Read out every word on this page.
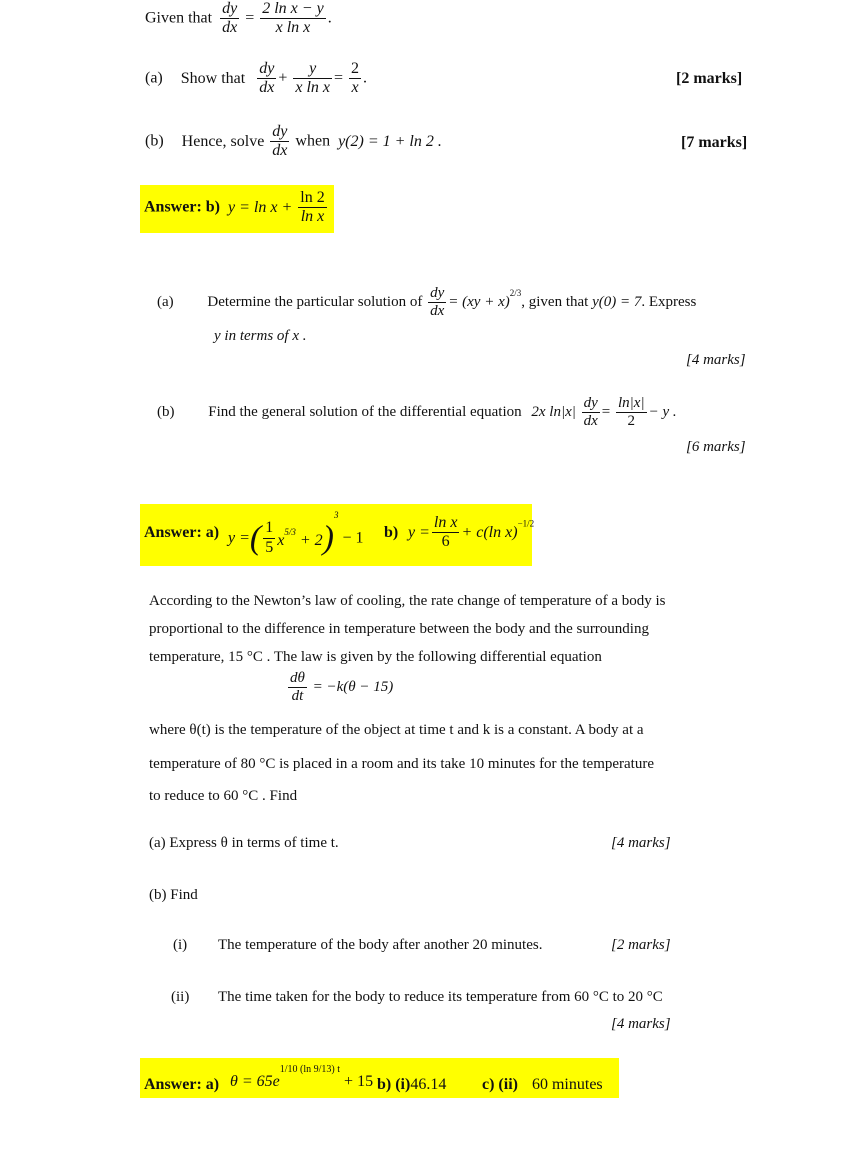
Given that $\frac{dy}{dx} = \frac{\text{2 ln x − y}}{\text{x ln x}}$ .
(a) Show that $\frac{dy}{dx} + \frac{y}{\text{x ln x}} = \frac{2}{x}$ .	[2 marks]
(b) Hence, solve $\frac{dy}{dx}$ when y(2) = 1 + ln 2 .	[7 marks]
Answer: b) $y = \ln x + \frac{\ln 2}{\text{ln x}}$
(a) Determine the particular solution of $\frac{dy}{dx} = (xy + x)^{2/3}$, given that y(0) = 7. Express
y in terms of x .
[4 marks]
(b) Find the general solution of the differential equation 2x $\ln|x| \frac{dy}{dx} = \frac{\ln|x|}{2} - y$ .
[6 marks]
Answer: a) y =( $\frac{1}{5} x^{5/3} + 2)^3 - 1$ b) $y = \frac{\text{ln x}}{6} + c(\ln$ x)$^{-1/2}$
According to the Newton’s law of cooling, the rate change of temperature of a body is
proportional to the difference in temperature between the body and the surrounding
temperature, 15 °C . The law is given by the following differential equation
$\frac{d\theta}{dt} = -k(\theta - 15)$
where θ(t) is the temperature of the object at time t and k is a constant. A body at a
temperature of 80 °C is placed in a room and its take 10 minutes for the temperature
to reduce to 60 °C . Find
(a) Express θ in terms of time t.	[4 marks]
(b) Find
(i) The temperature of the body after another 20 minutes.	[2 marks]
(ii) The time taken for the body to reduce its temperature from 60 °C to 20 °C
[4 marks]
Answer: a) $\theta = 65e^{1/10 (ln 9/13) t} + 15$ b) (i)46.14 c) (ii) 60 minutes
